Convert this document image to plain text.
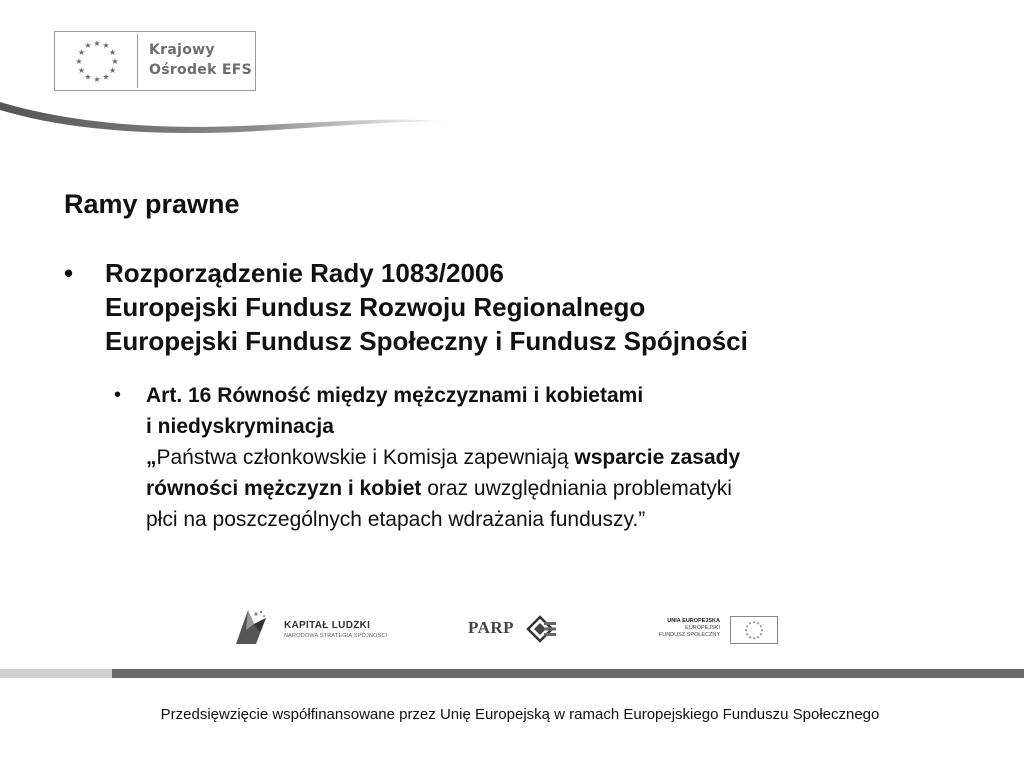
★ ★
★
★
★
★
★
★
★
★
★
★	Krajowy
Ośrodek EFS
Ramy prawne
• Rozporządzenie Rady 1083/2006
Europejski Fundusz Rozwoju Regionalnego
Europejski Fundusz Społeczny i Fundusz Spójności
• Art. 16 Równość między mężczyznami i kobietami
i niedyskryminacja
„Państwa członkowskie i Komisja zapewniają wsparcie zasady
równości mężczyzn i kobiet oraz uwzględniania problematyki
płci na poszczególnych etapach wdrażania funduszy.”
KAPITAŁ LUDZKI
NARODOWA STRATEGIA SPÓJNOŚCI	PARP	UNIA EUROPEJSKA
EUROPEJSKI
FUNDUSZ SPOŁECZNY
★ ★
★
★
★
★
★
★
★
★
★
★
Przedsięwzięcie współfinansowane przez Unię Europejską w ramach Europejskiego Funduszu Społecznego
